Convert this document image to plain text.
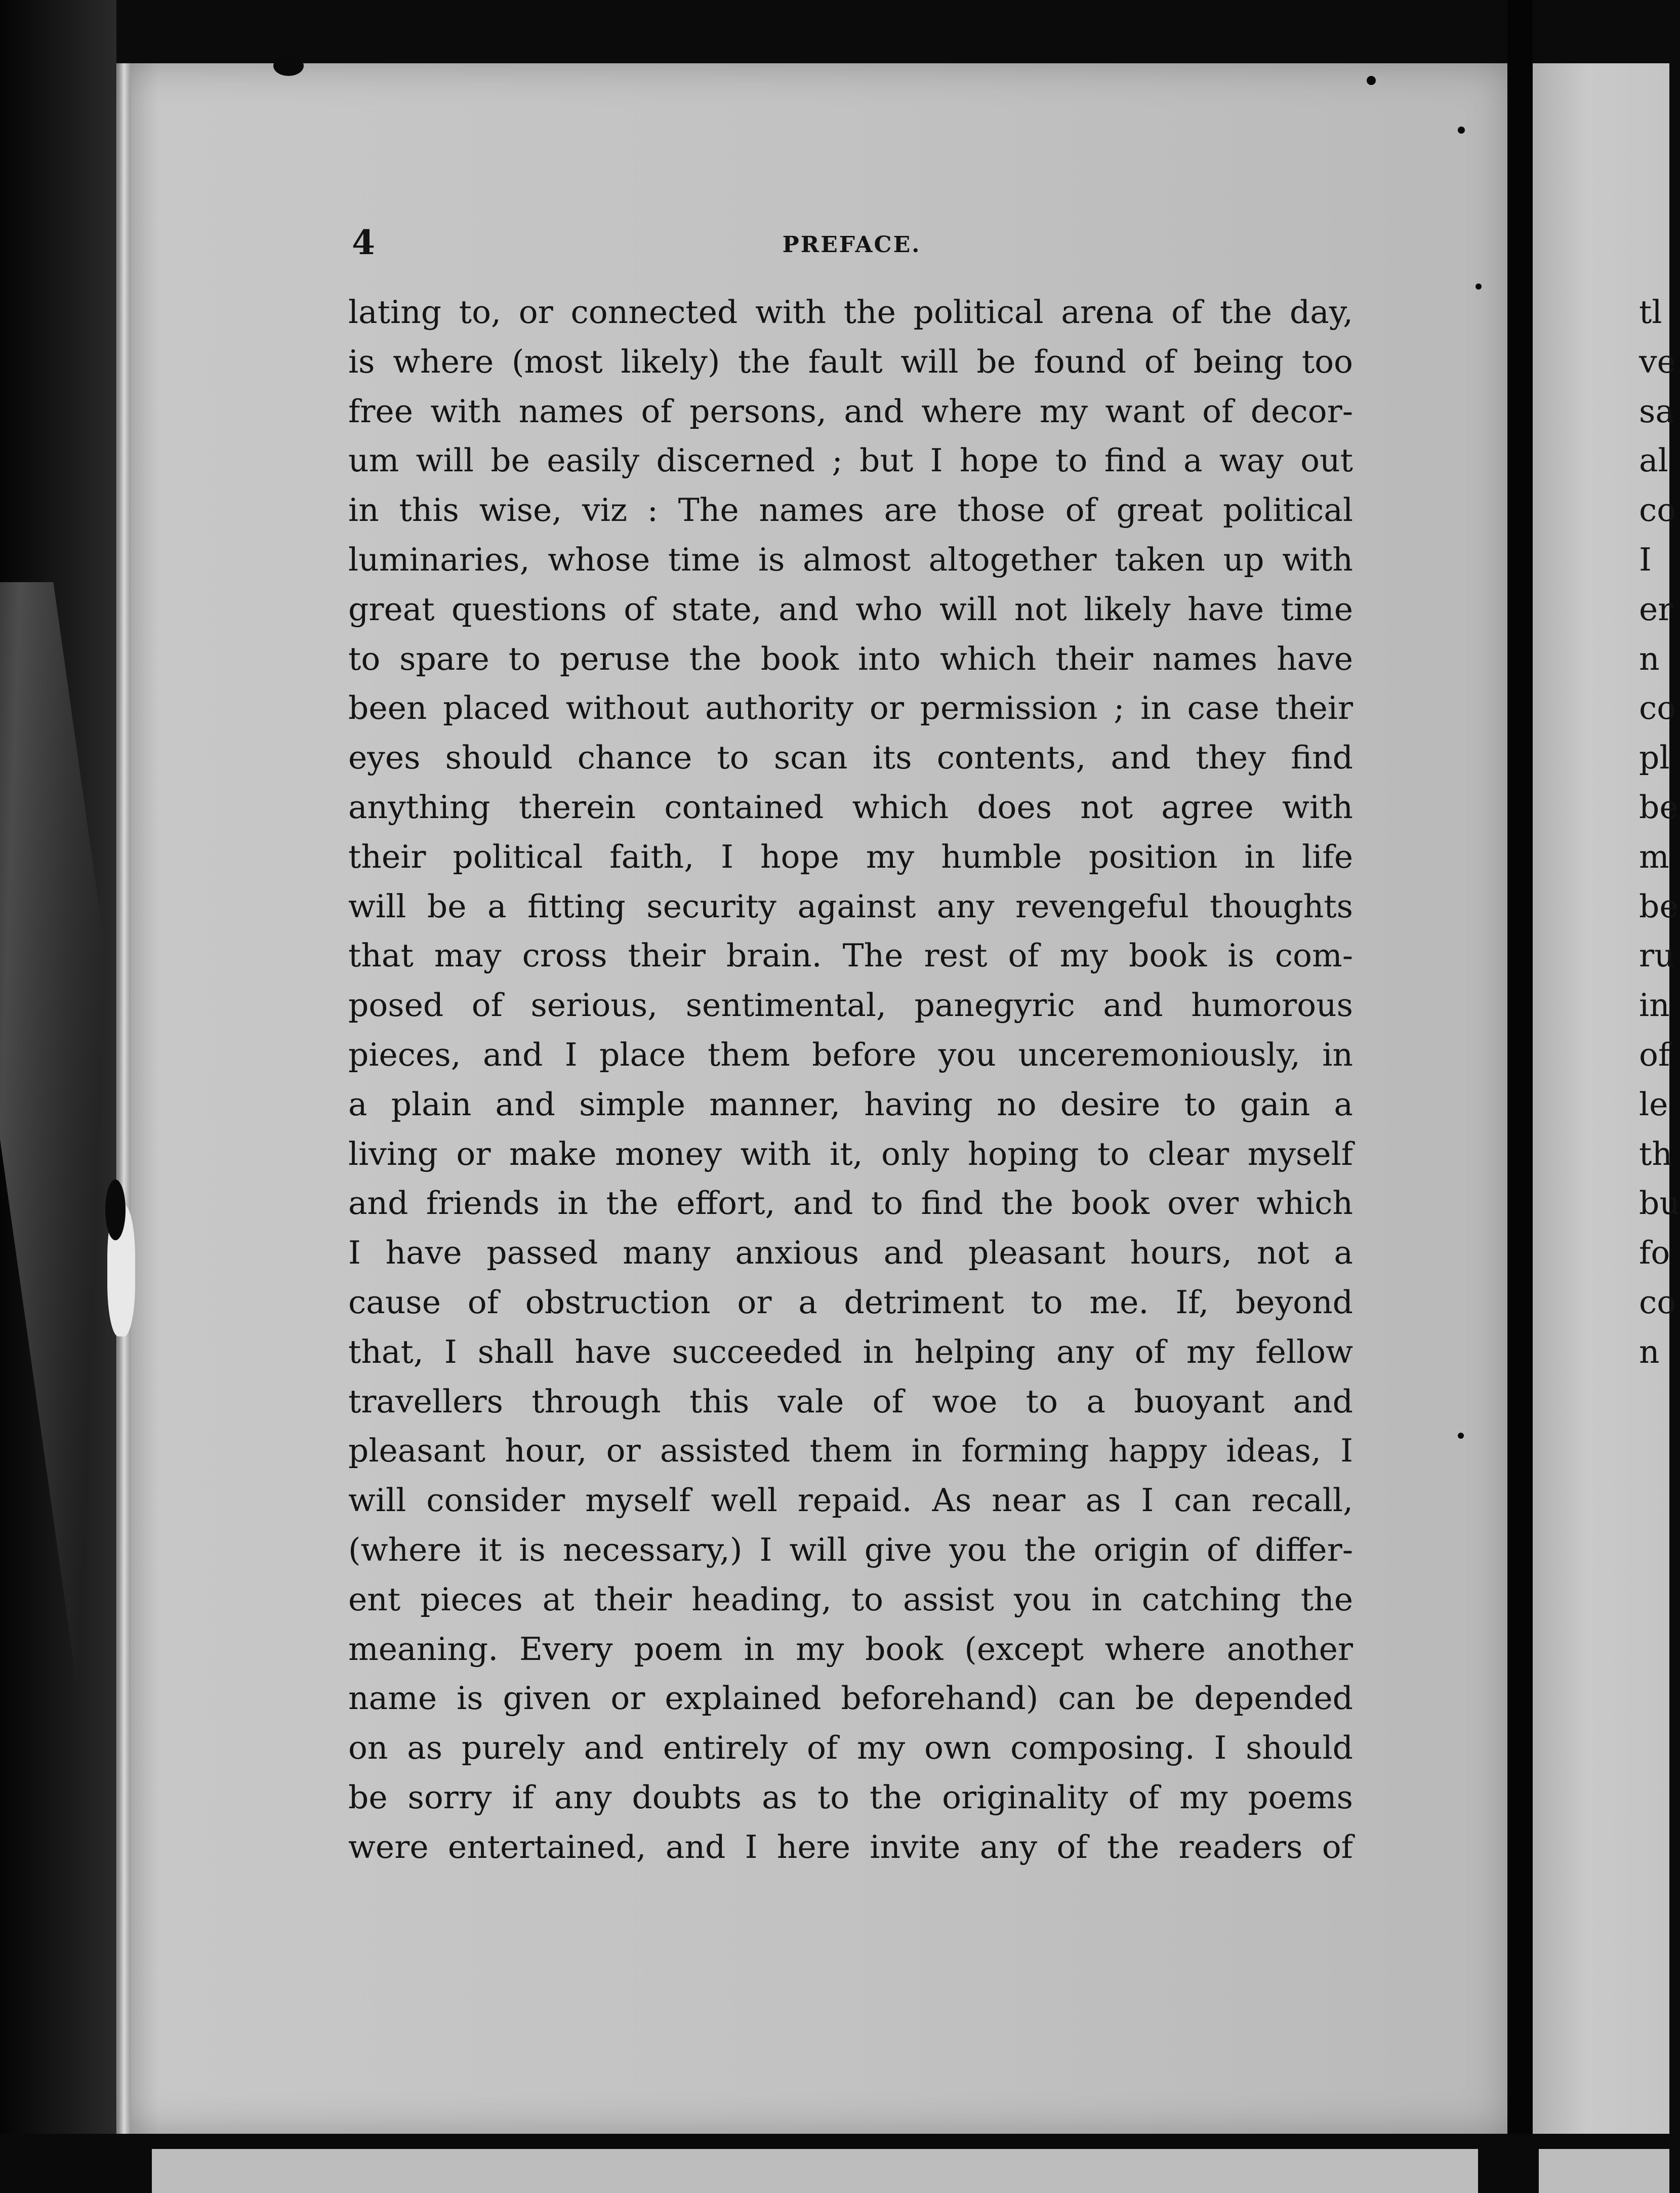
4	PREFACE.
lating to, or connected with the political arena of the day,
is where (most likely) the fault will be found of being too
free with names of persons, and where my want of decor-
um will be easily discerned ; but I hope to find a way out
in this wise, viz : The names are those of great political
luminaries, whose time is almost altogether taken up with
great questions of state, and who will not likely have time
to spare to peruse the book into which their names have
been placed without authority or permission ; in case their
eyes should chance to scan its contents, and they find
anything therein contained which does not agree with
their political faith, I hope my humble position in life
will be a fitting security against any revengeful thoughts
that may cross their brain. The rest of my book is com-
posed of serious, sentimental, panegyric and humorous
pieces, and I place them before you unceremoniously, in
a plain and simple manner, having no desire to gain a
living or make money with it, only hoping to clear myself
and friends in the effort, and to find the book over which
I have passed many anxious and pleasant hours, not a
cause of obstruction or a detriment to me. If, beyond
that, I shall have succeeded in helping any of my fellow
travellers through this vale of woe to a buoyant and
pleasant hour, or assisted them in forming happy ideas, I
will consider myself well repaid. As near as I can recall,
(where it is necessary,) I will give you the origin of differ-
ent pieces at their heading, to assist you in catching the
meaning. Every poem in my book (except where another
name is given or explained beforehand) can be depended
on as purely and entirely of my own composing. I should
be sorry if any doubts as to the originality of my poems
were entertained, and I here invite any of the readers of
tl
ve
sa
al
co
I
er
n
co
pl
be
m
be
ru
in
of
le
th
bu
fo
co
n
